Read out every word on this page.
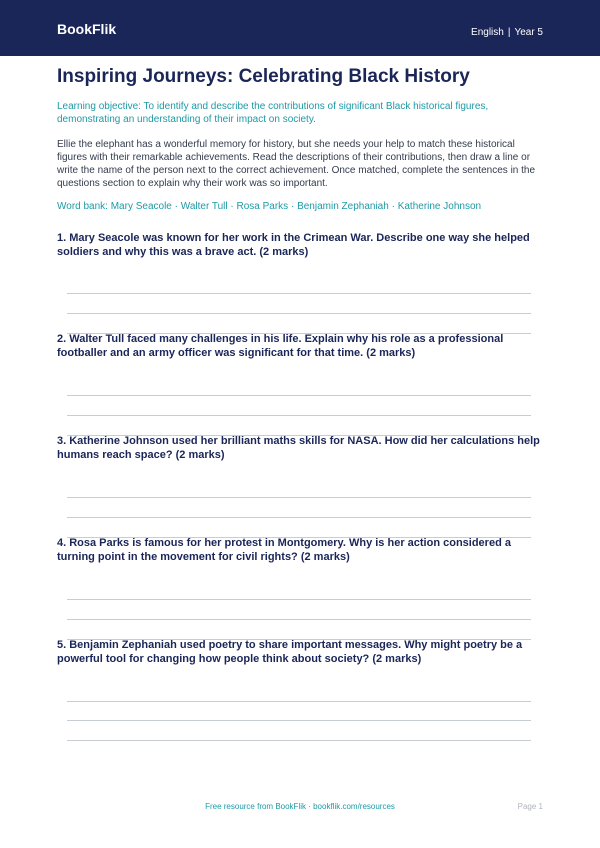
BookFlik	English | Year 5
Inspiring Journeys: Celebrating Black History
Learning objective: To identify and describe the contributions of significant Black historical figures, demonstrating an understanding of their impact on society.
Ellie the elephant has a wonderful memory for history, but she needs your help to match these historical figures with their remarkable achievements. Read the descriptions of their contributions, then draw a line or write the name of the person next to the correct achievement. Once matched, complete the sentences in the questions section to explain why their work was so important.
Word bank: Mary Seacole · Walter Tull · Rosa Parks · Benjamin Zephaniah · Katherine Johnson
1. Mary Seacole was known for her work in the Crimean War. Describe one way she helped soldiers and why this was a brave act. (2 marks)
2. Walter Tull faced many challenges in his life. Explain why his role as a professional footballer and an army officer was significant for that time. (2 marks)
3. Katherine Johnson used her brilliant maths skills for NASA. How did her calculations help humans reach space? (2 marks)
4. Rosa Parks is famous for her protest in Montgomery. Why is her action considered a turning point in the movement for civil rights? (2 marks)
5. Benjamin Zephaniah used poetry to share important messages. Why might poetry be a powerful tool for changing how people think about society? (2 marks)
Free resource from BookFlik · bookflik.com/resources	Page 1
